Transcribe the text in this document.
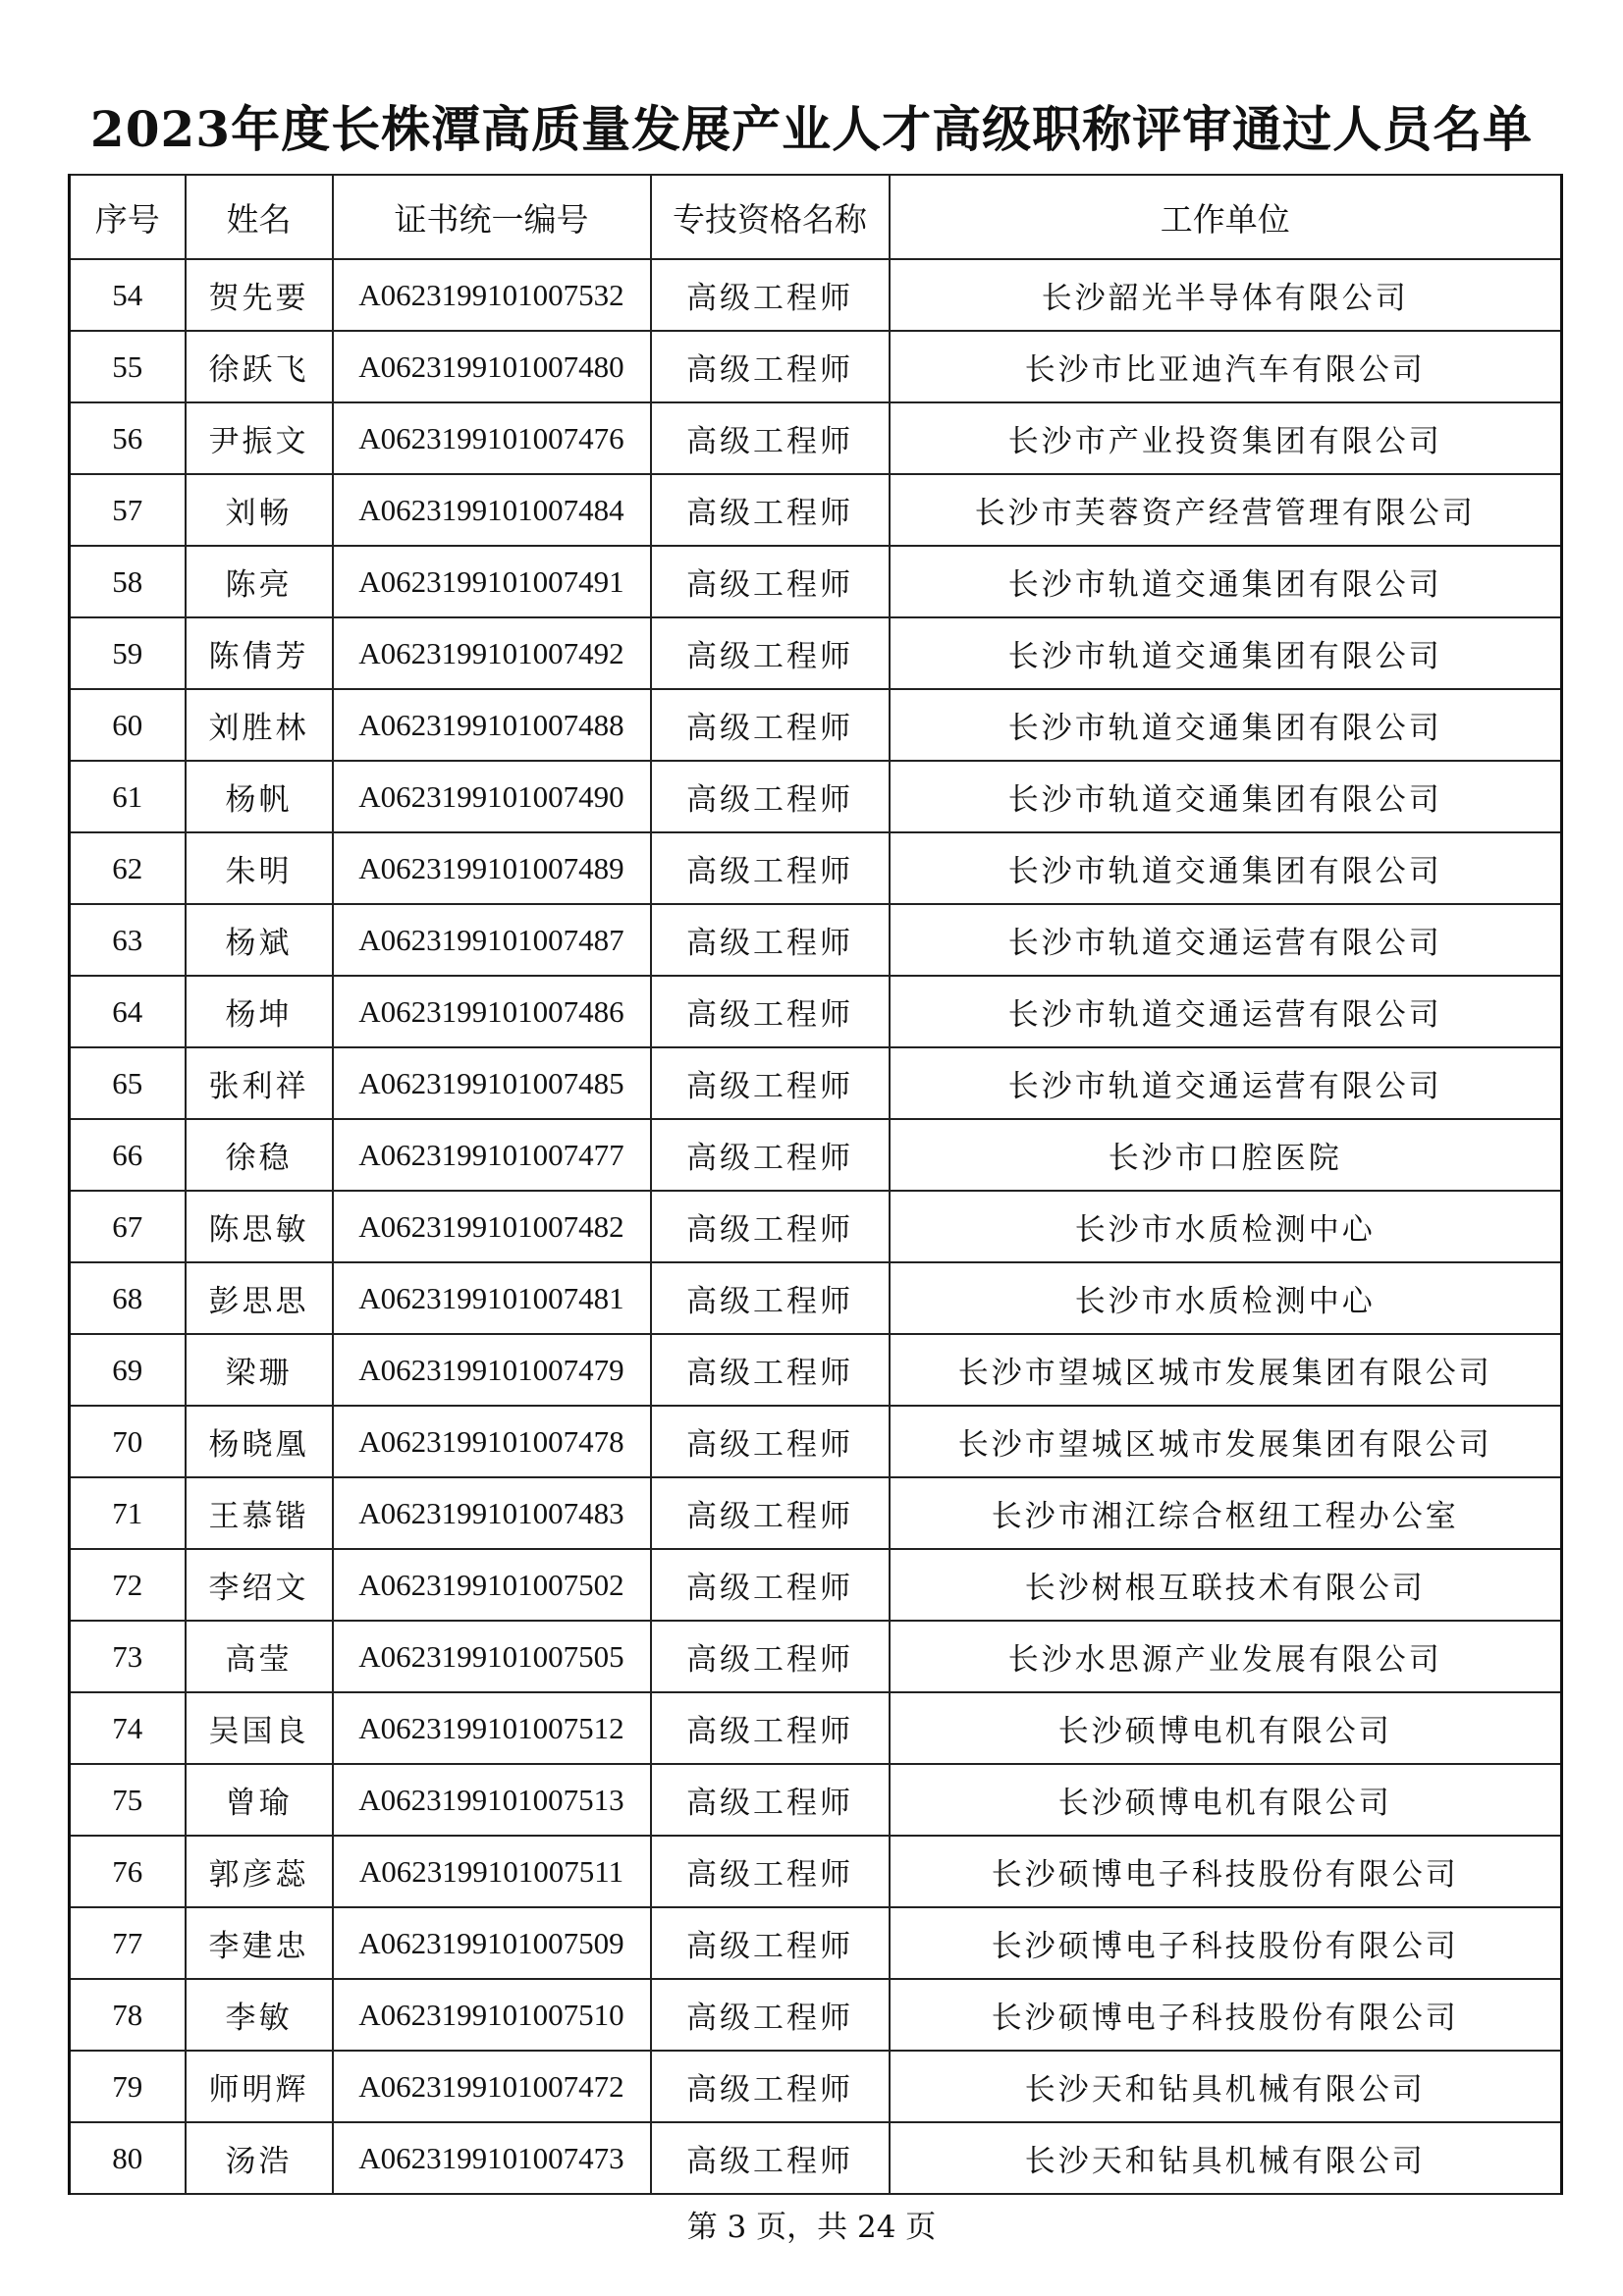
2023年度长株潭高质量发展产业人才高级职称评审通过人员名单
序号	姓名	证书统一编号	专技资格名称	工作单位
54	贺先要	A0623199101007532	高级工程师	长沙韶光半导体有限公司
55	徐跃飞	A0623199101007480	高级工程师	长沙市比亚迪汽车有限公司
56	尹振文	A0623199101007476	高级工程师	长沙市产业投资集团有限公司
57	刘畅	A0623199101007484	高级工程师	长沙市芙蓉资产经营管理有限公司
58	陈亮	A0623199101007491	高级工程师	长沙市轨道交通集团有限公司
59	陈倩芳	A0623199101007492	高级工程师	长沙市轨道交通集团有限公司
60	刘胜林	A0623199101007488	高级工程师	长沙市轨道交通集团有限公司
61	杨帆	A0623199101007490	高级工程师	长沙市轨道交通集团有限公司
62	朱明	A0623199101007489	高级工程师	长沙市轨道交通集团有限公司
63	杨斌	A0623199101007487	高级工程师	长沙市轨道交通运营有限公司
64	杨坤	A0623199101007486	高级工程师	长沙市轨道交通运营有限公司
65	张利祥	A0623199101007485	高级工程师	长沙市轨道交通运营有限公司
66	徐稳	A0623199101007477	高级工程师	长沙市口腔医院
67	陈思敏	A0623199101007482	高级工程师	长沙市水质检测中心
68	彭思思	A0623199101007481	高级工程师	长沙市水质检测中心
69	梁珊	A0623199101007479	高级工程师	长沙市望城区城市发展集团有限公司
70	杨晓凰	A0623199101007478	高级工程师	长沙市望城区城市发展集团有限公司
71	王慕锴	A0623199101007483	高级工程师	长沙市湘江综合枢纽工程办公室
72	李绍文	A0623199101007502	高级工程师	长沙树根互联技术有限公司
73	高莹	A0623199101007505	高级工程师	长沙水思源产业发展有限公司
74	吴国良	A0623199101007512	高级工程师	长沙硕博电机有限公司
75	曾瑜	A0623199101007513	高级工程师	长沙硕博电机有限公司
76	郭彦蕊	A0623199101007511	高级工程师	长沙硕博电子科技股份有限公司
77	李建忠	A0623199101007509	高级工程师	长沙硕博电子科技股份有限公司
78	李敏	A0623199101007510	高级工程师	长沙硕博电子科技股份有限公司
79	师明辉	A0623199101007472	高级工程师	长沙天和钻具机械有限公司
80	汤浩	A0623199101007473	高级工程师	长沙天和钻具机械有限公司
第 3 页，共 24 页
